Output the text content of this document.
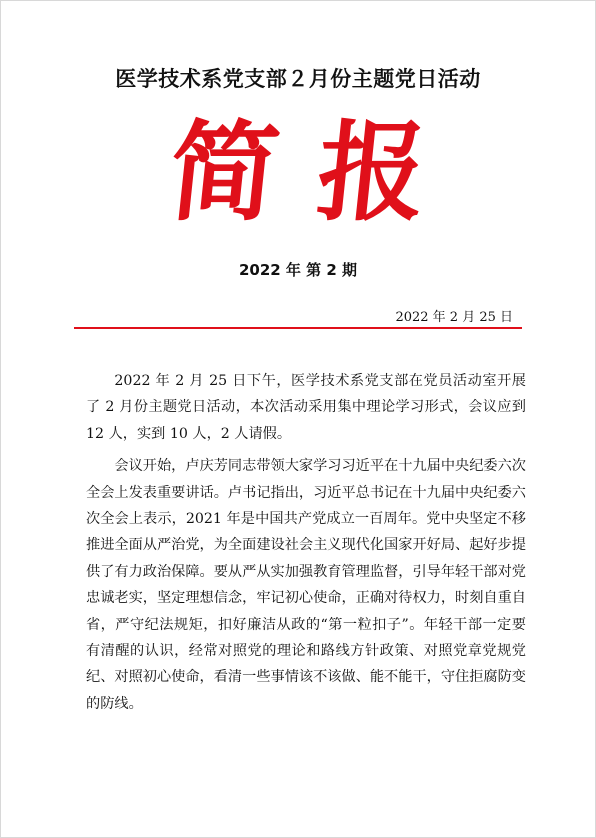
医学技术系党支部２月份主题党日活动
简报
2022 年 第 2 期
2022 年 2 月 25 日

2022 年 2 月 25 日下午，医学技术系党支部在党员活动室开展了 2 月份主题党日活动，本次活动采用集中理论学习形式，会议应到 12 人，实到 10 人，2 人请假。

会议开始，卢庆芳同志带领大家学习习近平在十九届中央纪委六次全会上发表重要讲话。卢书记指出，习近平总书记在十九届中央纪委六次全会上表示，2021 年是中国共产党成立一百周年。党中央坚定不移推进全面从严治党，为全面建设社会主义现代化国家开好局、起好步提供了有力政治保障。要从严从实加强教育管理监督，引导年轻干部对党忠诚老实，坚定理想信念，牢记初心使命，正确对待权力，时刻自重自省，严守纪法规矩，扣好廉洁从政的“第一粒扣子”。年轻干部一定要有清醒的认识，经常对照党的理论和路线方针政策、对照党章党规党纪、对照初心使命，看清一些事情该不该做、能不能干，守住拒腐防变的防线。
